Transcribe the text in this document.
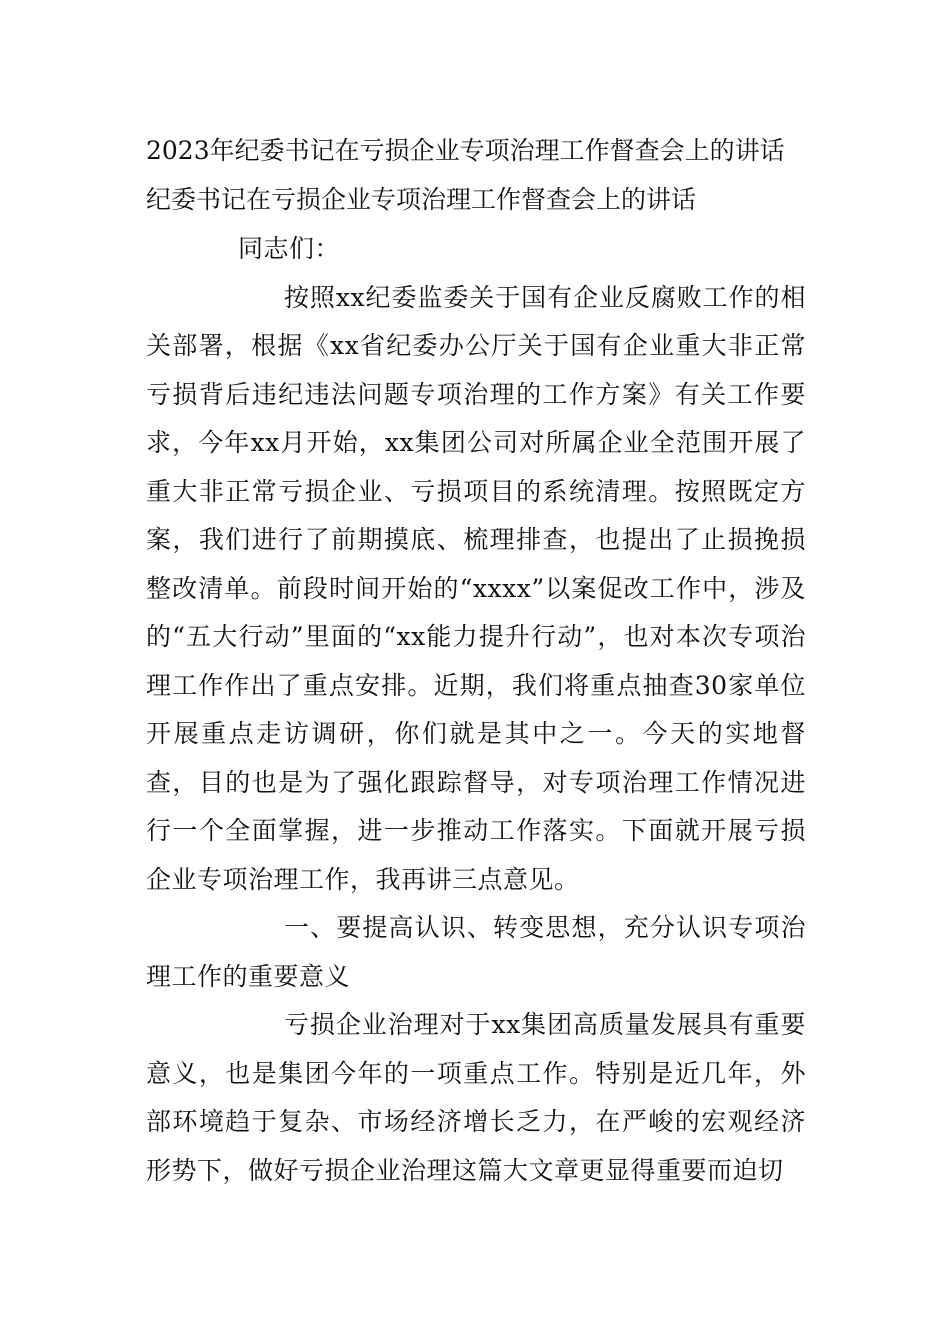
2023年纪委书记在亏损企业专项治理工作督查会上的讲话
纪委书记在亏损企业专项治理工作督查会上的讲话

同志们：

按照xx纪委监委关于国有企业反腐败工作的相关部署，根据《xx省纪委办公厅关于国有企业重大非正常亏损背后违纪违法问题专项治理的工作方案》有关工作要求，今年xx月开始，xx集团公司对所属企业全范围开展了重大非正常亏损企业、亏损项目的系统清理。按照既定方案，我们进行了前期摸底、梳理排查，也提出了止损挽损整改清单。前段时间开始的“xxxx”以案促改工作中，涉及的“五大行动”里面的“xx能力提升行动”，也对本次专项治理工作作出了重点安排。近期，我们将重点抽查30家单位开展重点走访调研，你们就是其中之一。今天的实地督查，目的也是为了强化跟踪督导，对专项治理工作情况进行一个全面掌握，进一步推动工作落实。下面就开展亏损企业专项治理工作，我再讲三点意见。

一、要提高认识、转变思想，充分认识专项治理工作的重要意义

亏损企业治理对于xx集团高质量发展具有重要意义，也是集团今年的一项重点工作。特别是近几年，外部环境趋于复杂、市场经济增长乏力，在严峻的宏观经济形势下，做好亏损企业治理这篇大文章更显得重要而迫切
